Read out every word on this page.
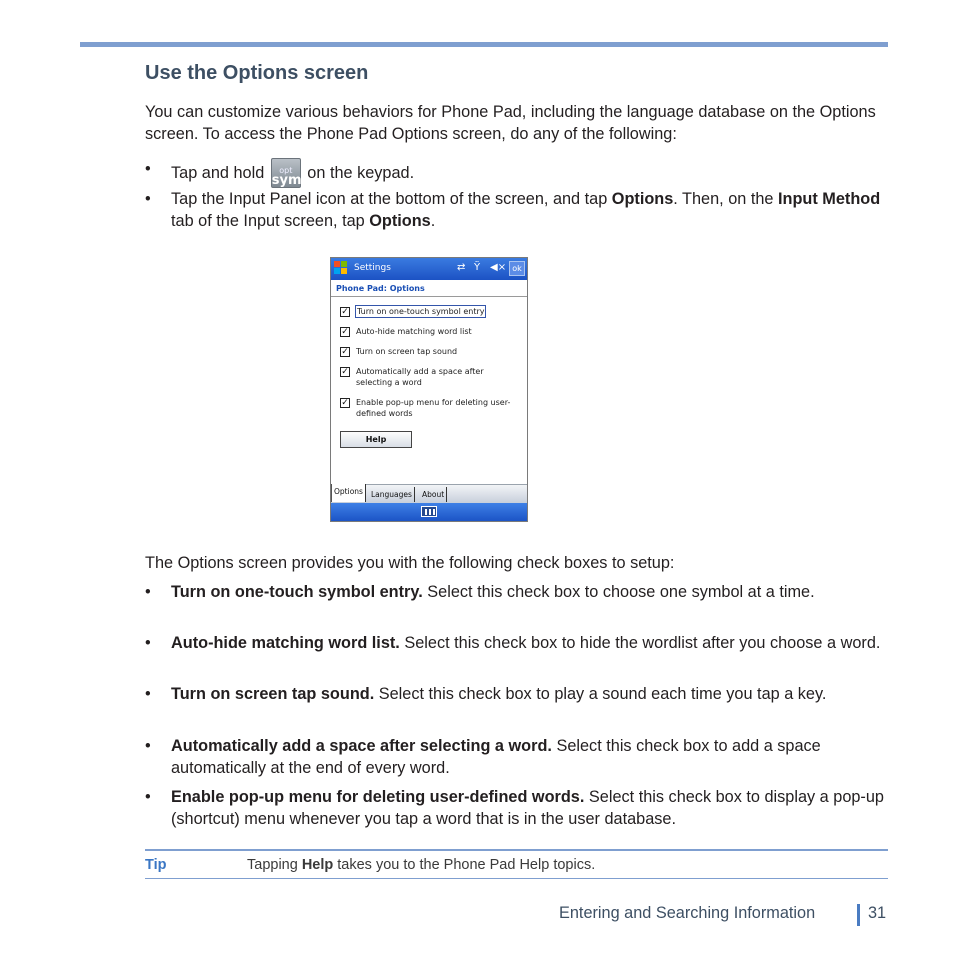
Use the Options screen

You can customize various behaviors for Phone Pad, including the language database on the Options screen. To access the Phone Pad Options screen, do any of the following:

•	Tap and hold	opt
sym on the keypad.
•	Tap the Input Panel icon at the bottom of the screen, and tap Options. Then, on the Input Method tab of the Input screen, tap Options.
Settings	⇄ Ÿ ◀× ok
Phone Pad: Options
✓ Turn on one-touch symbol entry
✓ Auto-hide matching word list
✓ Turn on screen tap sound
✓ Automatically add a space after selecting a word
✓ Enable pop-up menu for deleting user-defined words
Help
Options	Languages	About

The Options screen provides you with the following check boxes to setup:

•	Turn on one-touch symbol entry. Select this check box to choose one symbol at a time.
•	Auto-hide matching word list. Select this check box to hide the wordlist after you choose a word.
•	Turn on screen tap sound. Select this check box to play a sound each time you tap a key.
•	Automatically add a space after selecting a word. Select this check box to add a space automatically at the end of every word.
•	Enable pop-up menu for deleting user-defined words. Select this check box to display a pop-up (shortcut) menu whenever you tap a word that is in the user database.
Tip	Tapping Help takes you to the Phone Pad Help topics.
Entering and Searching Information	31
